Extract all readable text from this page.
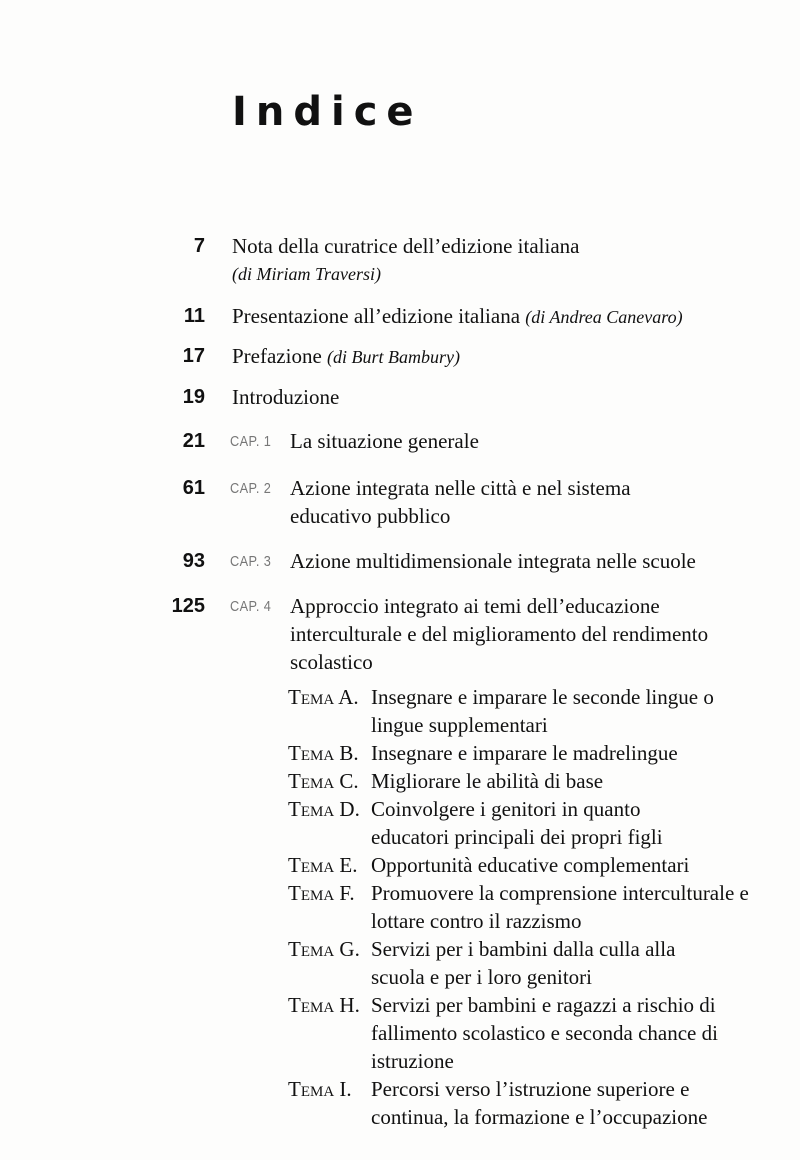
Indice
7 Nota della curatrice dell’edizione italiana
(di Miriam Traversi)
11 Presentazione all’edizione italiana (di Andrea Canevaro)
17 Prefazione (di Burt Bambury)
19 Introduzione
21 CAP. 1 La situazione generale
61 CAP. 2 Azione integrata nelle città e nel sistema educativo pubblico
93 CAP. 3 Azione multidimensionale integrata nelle scuole
125 CAP. 4 Approccio integrato ai temi dell’educazione interculturale e del miglioramento del rendimento scolastico
Tema A. Insegnare e imparare le seconde lingue o lingue supplementari
Tema B. Insegnare e imparare le madrelingue
Tema C. Migliorare le abilità di base
Tema D. Coinvolgere i genitori in quanto educatori principali dei propri figli
Tema E. Opportunità educative complementari
Tema F. Promuovere la comprensione interculturale e lottare contro il razzismo
Tema G. Servizi per i bambini dalla culla alla scuola e per i loro genitori
Tema H. Servizi per bambini e ragazzi a rischio di fallimento scolastico e seconda chance di istruzione
Tema I. Percorsi verso l’istruzione superiore e continua, la formazione e l’occupazione
